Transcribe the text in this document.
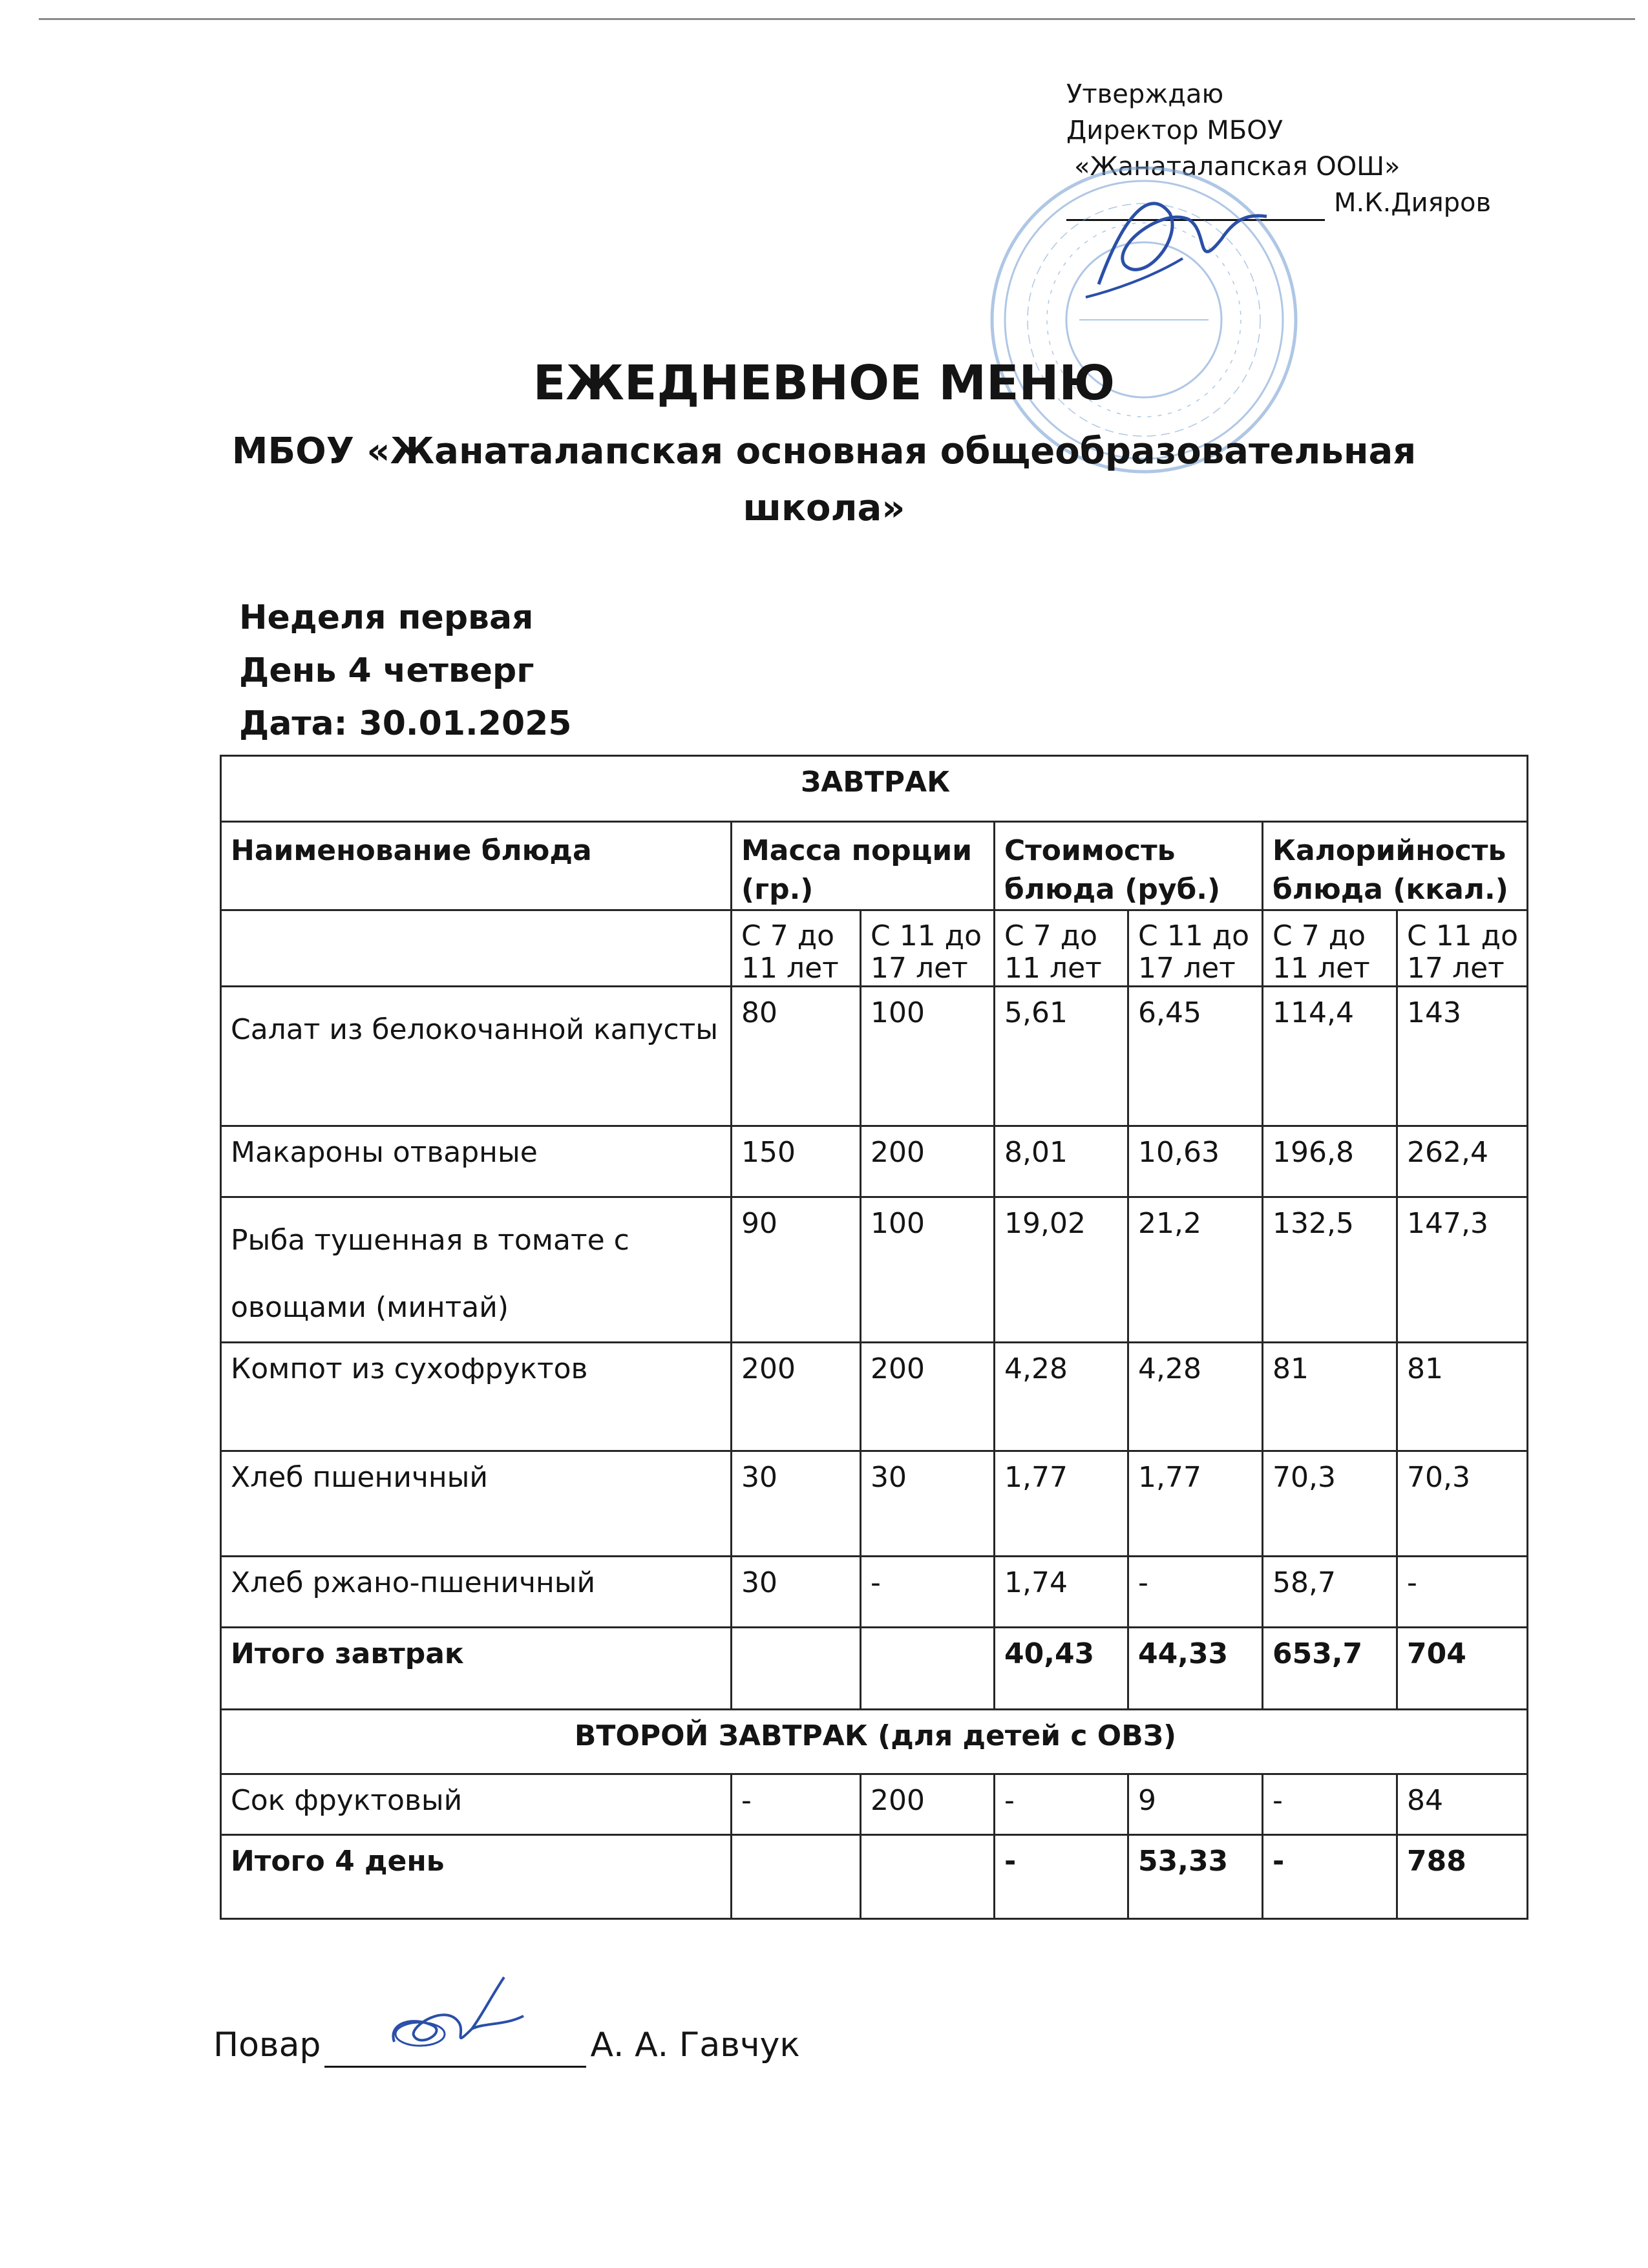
Утверждаю
Директор МБОУ
«Жанаталапская ООШ»
М.К.Дияров
ЕЖЕДНЕВНОЕ МЕНЮ
МБОУ «Жанаталапская основная общеобразовательная
школа»
Неделя первая
День 4 четверг
Дата: 30.01.2025
ЗАВТРАК						
Наименование блюда	Масса порции (гр.)		Стоимость блюда (руб.)		Калорийность блюда (ккал.)	
	С 7 до 11 лет	С 11 до 17 лет	С 7 до 11 лет	С 11 до 17 лет	С 7 до 11 лет	С 11 до 17 лет
Салат из белокочанной капусты	80	100	5,61	6,45	114,4	143
Макароны отварные	150	200	8,01	10,63	196,8	262,4
Рыба тушенная в томате с овощами (минтай)	90	100	19,02	21,2	132,5	147,3
Компот из сухофруктов	200	200	4,28	4,28	81	81
Хлеб пшеничный	30	30	1,77	1,77	70,3	70,3
Хлеб ржано-пшеничный	30	-	1,74	-	58,7	-
Итого завтрак			40,43	44,33	653,7	704
ВТОРОЙ ЗАВТРАК (для детей с ОВЗ)						
Сок фруктовый	-	200	-	9	-	84
Итого 4 день			-	53,33	-	788
Повар	А. А. Гавчук
